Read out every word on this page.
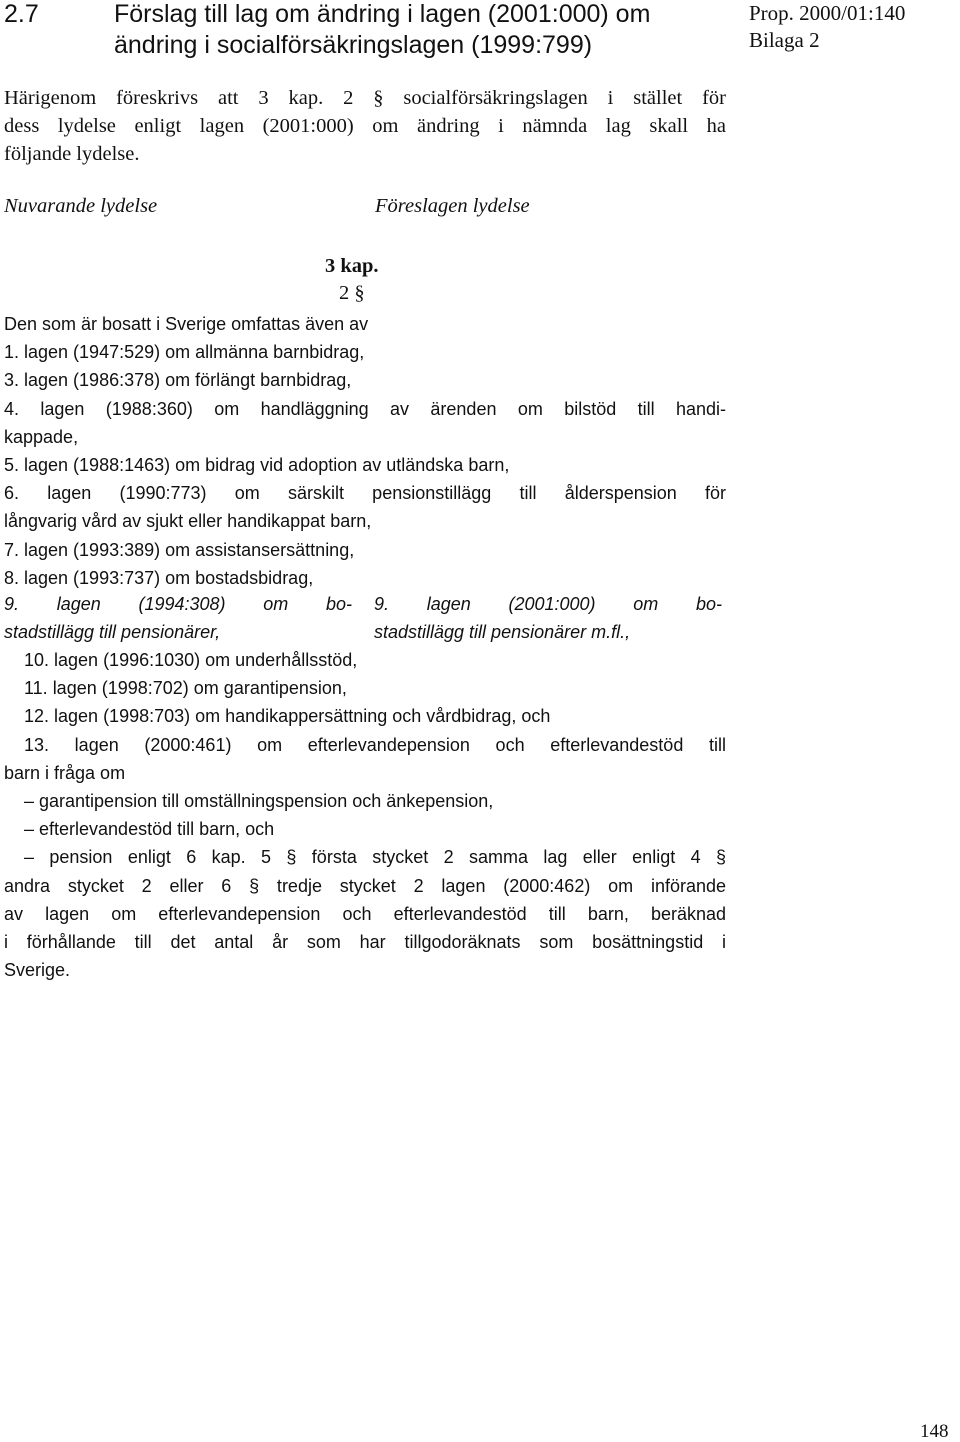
2.7	Förslag till lag om ändring i lagen (2001:000) om
ändring i socialförsäkringslagen (1999:799)
Prop. 2000/01:140
Bilaga 2
Härigenom föreskrivs att 3 kap. 2 § socialförsäkringslagen i stället för
dess lydelse enligt lagen (2001:000) om ändring i nämnda lag skall ha
följande lydelse.
Nuvarande lydelse	Föreslagen lydelse
3 kap.
2 §
Den som är bosatt i Sverige omfattas även av
1. lagen (1947:529) om allmänna barnbidrag,
3. lagen (1986:378) om förlängt barnbidrag,
4. lagen (1988:360) om handläggning av ärenden om bilstöd till handi-
kappade,
5. lagen (1988:1463) om bidrag vid adoption av utländska barn,
6. lagen (1990:773) om särskilt pensionstillägg till ålderspension för
långvarig vård av sjukt eller handikappat barn,
7. lagen (1993:389) om assistansersättning,
8. lagen (1993:737) om bostadsbidrag,
9. lagen (1994:308) om bo-
stadstillägg till pensionärer,
9. lagen (2001:000) om bo-
stadstillägg till pensionärer m.fl.,
10. lagen (1996:1030) om underhållsstöd,
11. lagen (1998:702) om garantipension,
12. lagen (1998:703) om handikappersättning och vårdbidrag, och
13. lagen (2000:461) om efterlevandepension och efterlevandestöd till
barn i fråga om
– garantipension till omställningspension och änkepension,
– efterlevandestöd till barn, och
– pension enligt 6 kap. 5 § första stycket 2 samma lag eller enligt 4 §
andra stycket 2 eller 6 § tredje stycket 2 lagen (2000:462) om införande
av lagen om efterlevandepension och efterlevandestöd till barn, beräknad
i förhållande till det antal år som har tillgodoräknats som bosättningstid i
Sverige.
148
